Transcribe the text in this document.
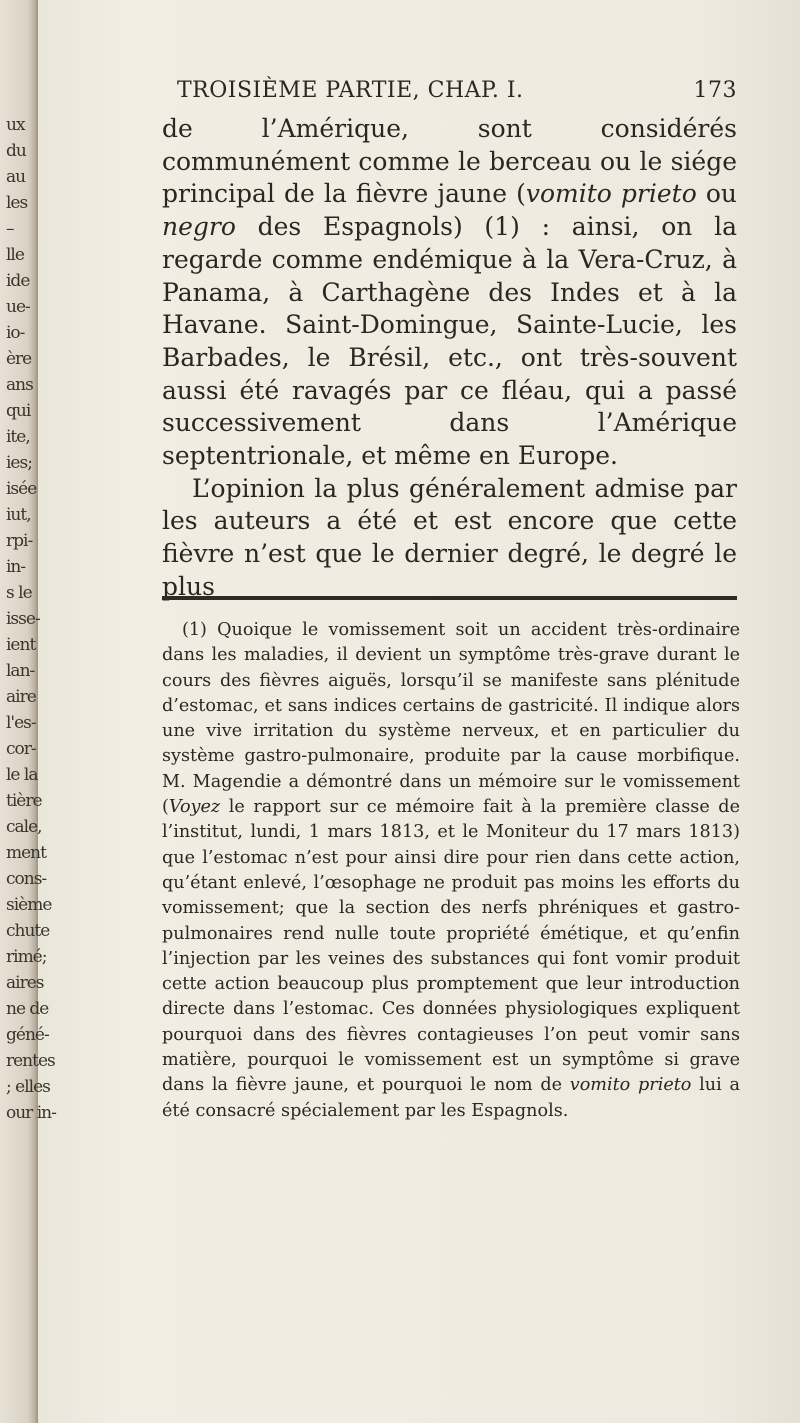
ux
du
au
les
–
lle
ide
ue-
io-
ère
ans
qui
ite,
ies;
isée
iut,
rpi-
in-
s le
isse-
ient
lan-
aire
l'es-
cor-
le la
tière
cale,
ment
cons-
sième
chute
rimé;
aires
ne de
géné-
rentes
; elles
our in-
TROISIÈME PARTIE, CHAP. I.	173

de l’Amérique, sont considérés communément comme le berceau ou le siége principal de la fièvre jaune (vomito prieto ou negro des Espagnols) (1) : ainsi, on la regarde comme endémique à la Vera-Cruz, à Panama, à Carthagène des Indes et à la Havane. Saint-Domingue, Sainte-Lucie, les Barbades, le Brésil, etc., ont très-souvent aussi été ravagés par ce fléau, qui a passé successivement dans l’Amérique septentrionale, et même en Europe.

L’opinion la plus généralement admise par les auteurs a été et est encore que cette fièvre n’est que le dernier degré, le degré le plus

(1) Quoique le vomissement soit un accident très-ordinaire dans les maladies, il devient un symptôme très-grave durant le cours des fièvres aiguës, lorsqu’il se manifeste sans plénitude d’estomac, et sans indices certains de gastricité. Il indique alors une vive irritation du système nerveux, et en particulier du système gastro-pulmonaire, produite par la cause morbifique. M. Magendie a démontré dans un mémoire sur le vomissement (Voyez le rapport sur ce mémoire fait à la première classe de l’institut, lundi, 1 mars 1813, et le Moniteur du 17 mars 1813) que l’estomac n’est pour ainsi dire pour rien dans cette action, qu’étant enlevé, l’œsophage ne produit pas moins les efforts du vomissement; que la section des nerfs phréniques et gastro-pulmonaires rend nulle toute propriété émétique, et qu’enfin l’injection par les veines des substances qui font vomir produit cette action beaucoup plus promptement que leur introduction directe dans l’estomac. Ces données physiologiques expliquent pourquoi dans des fièvres contagieuses l’on peut vomir sans matière, pourquoi le vomissement est un symptôme si grave dans la fièvre jaune, et pourquoi le nom de vomito prieto lui a été consacré spécialement par les Espagnols.
